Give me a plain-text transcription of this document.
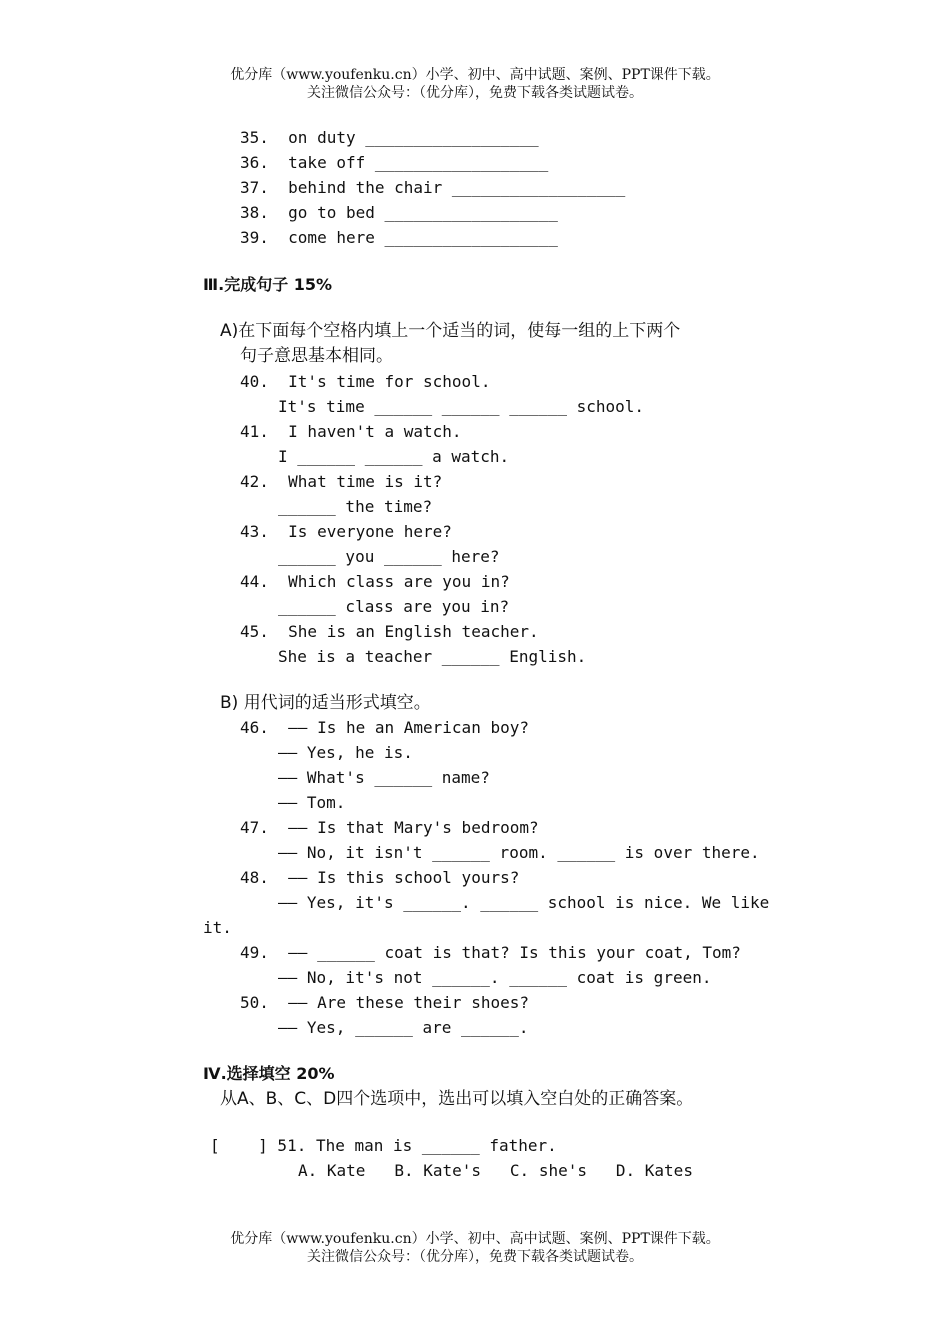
优分库（www.youfenku.cn）小学、初中、高中试题、案例、PPT课件下载。
关注微信公众号：（优分库），免费下载各类试题试卷。
35.  on duty __________________
36.  take off __________________
37.  behind the chair __________________
38.  go to bed __________________
39.  come here __________________
Ⅲ.完成句子 15%
A)在下面每个空格内填上一个适当的词，使每一组的上下两个
句子意思基本相同。
40.  It's time for school.
It's time ______ ______ ______ school.
41.  I haven't a watch.
I ______ ______ a watch.
42.  What time is it?
______ the time?
43.  Is everyone here?
______ you ______ here?
44.  Which class are you in?
______ class are you in?
45.  She is an English teacher.
She is a teacher ______ English.
B) 用代词的适当形式填空。
46.  —— Is he an American boy?
—— Yes, he is.
—— What's ______ name?
—— Tom.
47.  —— Is that Mary's bedroom?
—— No, it isn't ______ room. ______ is over there.
48.  —— Is this school yours?
—— Yes, it's ______. ______ school is nice. We like
it.
49.  —— ______ coat is that? Is this your coat, Tom?
—— No, it's not ______. ______ coat is green.
50.  —— Are these their shoes?
—— Yes, ______ are ______.
Ⅳ.选择填空 20%
从A、B、C、D四个选项中，选出可以填入空白处的正确答案。
[    ] 51. The man is ______ father.
A. Kate   B. Kate's   C. she's   D. Kates
优分库（www.youfenku.cn）小学、初中、高中试题、案例、PPT课件下载。
关注微信公众号：（优分库），免费下载各类试题试卷。
